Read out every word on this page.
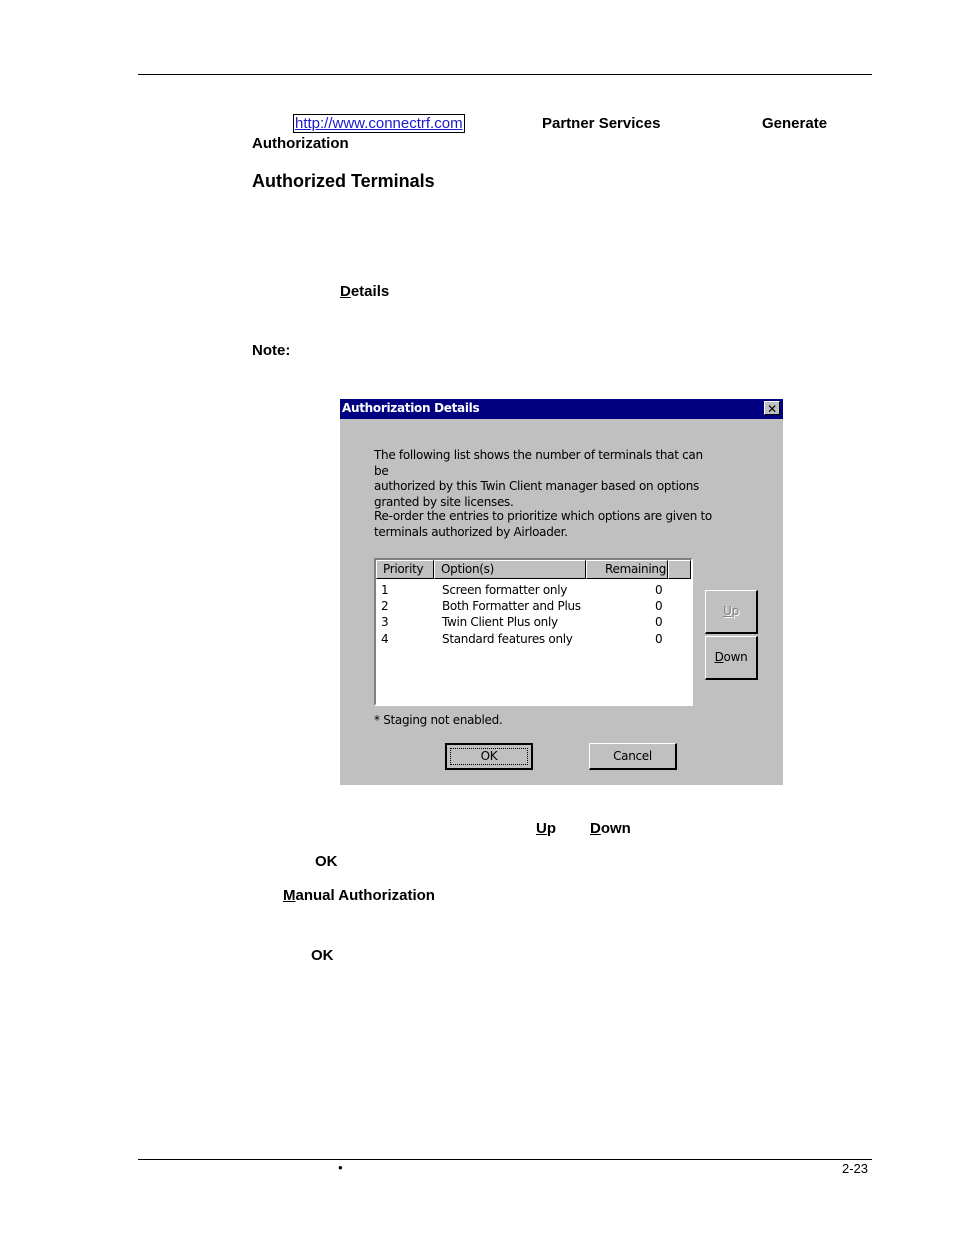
http://www.connectrf.com	Partner Services	Generate
Authorization
Authorized Terminals
Details
Note:
Authorization Details	✕
The following list shows the number of terminals that can be
authorized by this Twin Client manager based on options
granted by site licenses.
Re-order the entries to prioritize which options are given to
terminals authorized by Airloader.
Priority	Option(s)	Remaining
1	Screen formatter only	0
2	Both Formatter and Plus	0
3	Twin Client Plus only	0
4	Standard features only	0
Up
Down
* Staging not enabled.
OK	Cancel
Up Down
OK
Manual Authorization
OK
•	2-23
